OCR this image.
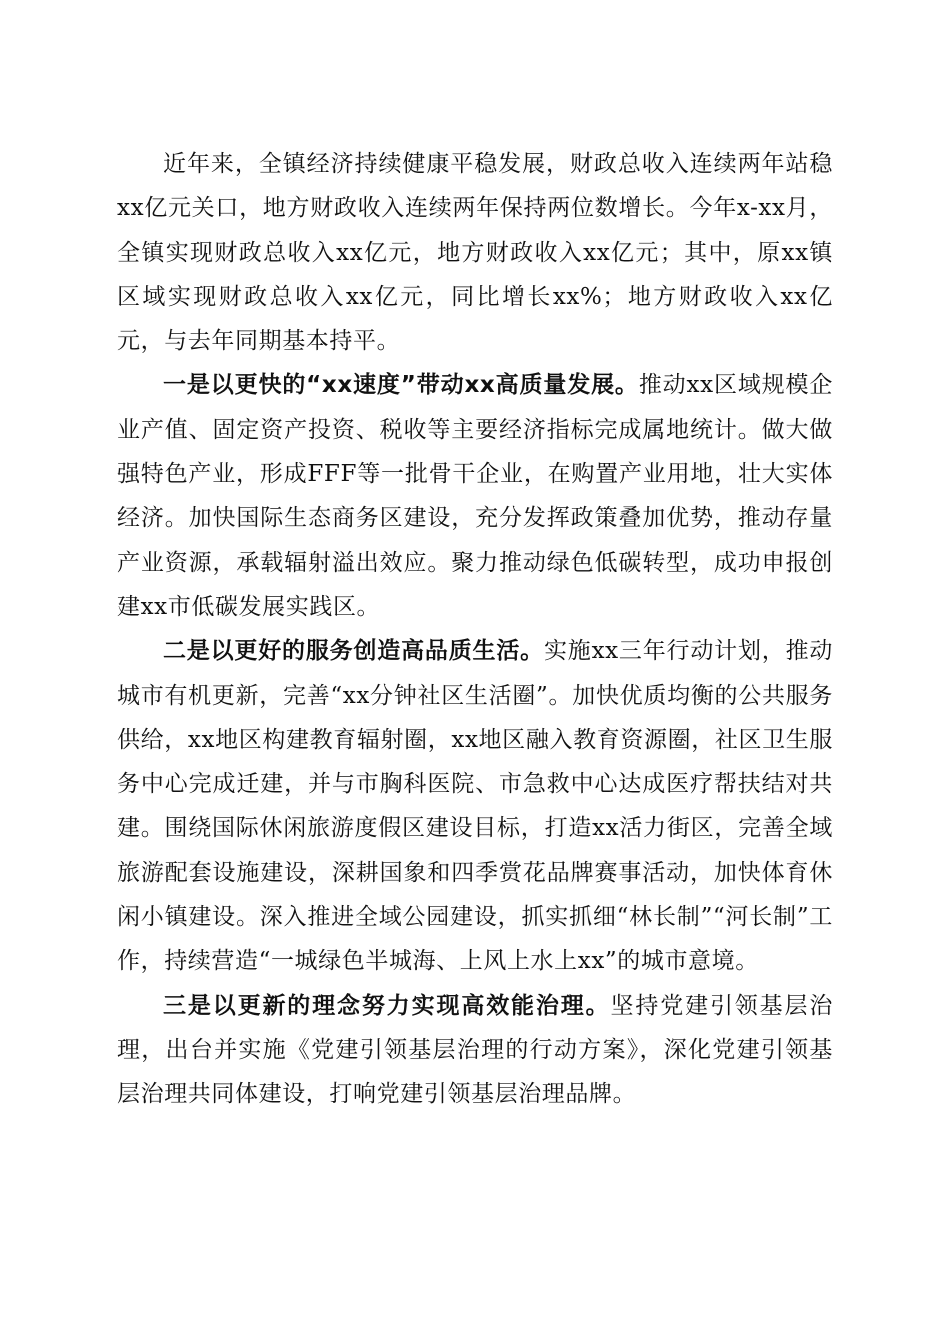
近年来，全镇经济持续健康平稳发展，财政总收入连续两年站稳xx亿元关口，地方财政收入连续两年保持两位数增长。今年x-xx月，全镇实现财政总收入xx亿元，地方财政收入xx亿元；其中，原xx镇区域实现财政总收入xx亿元，同比增长xx%；地方财政收入xx亿元，与去年同期基本持平。

一是以更快的“xx速度”带动xx高质量发展。推动xx区域规模企业产值、固定资产投资、税收等主要经济指标完成属地统计。做大做强特色产业，形成FFF等一批骨干企业，在购置产业用地，壮大实体经济。加快国际生态商务区建设，充分发挥政策叠加优势，推动存量产业资源，承载辐射溢出效应。聚力推动绿色低碳转型，成功申报创建xx市低碳发展实践区。

二是以更好的服务创造高品质生活。实施xx三年行动计划，推动城市有机更新，完善“xx分钟社区生活圈”。加快优质均衡的公共服务供给，xx地区构建教育辐射圈，xx地区融入教育资源圈，社区卫生服务中心完成迁建，并与市胸科医院、市急救中心达成医疗帮扶结对共建。围绕国际休闲旅游度假区建设目标，打造xx活力街区，完善全域旅游配套设施建设，深耕国象和四季赏花品牌赛事活动，加快体育休闲小镇建设。深入推进全域公园建设，抓实抓细“林长制”“河长制”工作，持续营造“一城绿色半城海、上风上水上xx”的城市意境。

三是以更新的理念努力实现高效能治理。坚持党建引领基层治理，出台并实施《党建引领基层治理的行动方案》，深化党建引领基层治理共同体建设，打响党建引领基层治理品牌。
